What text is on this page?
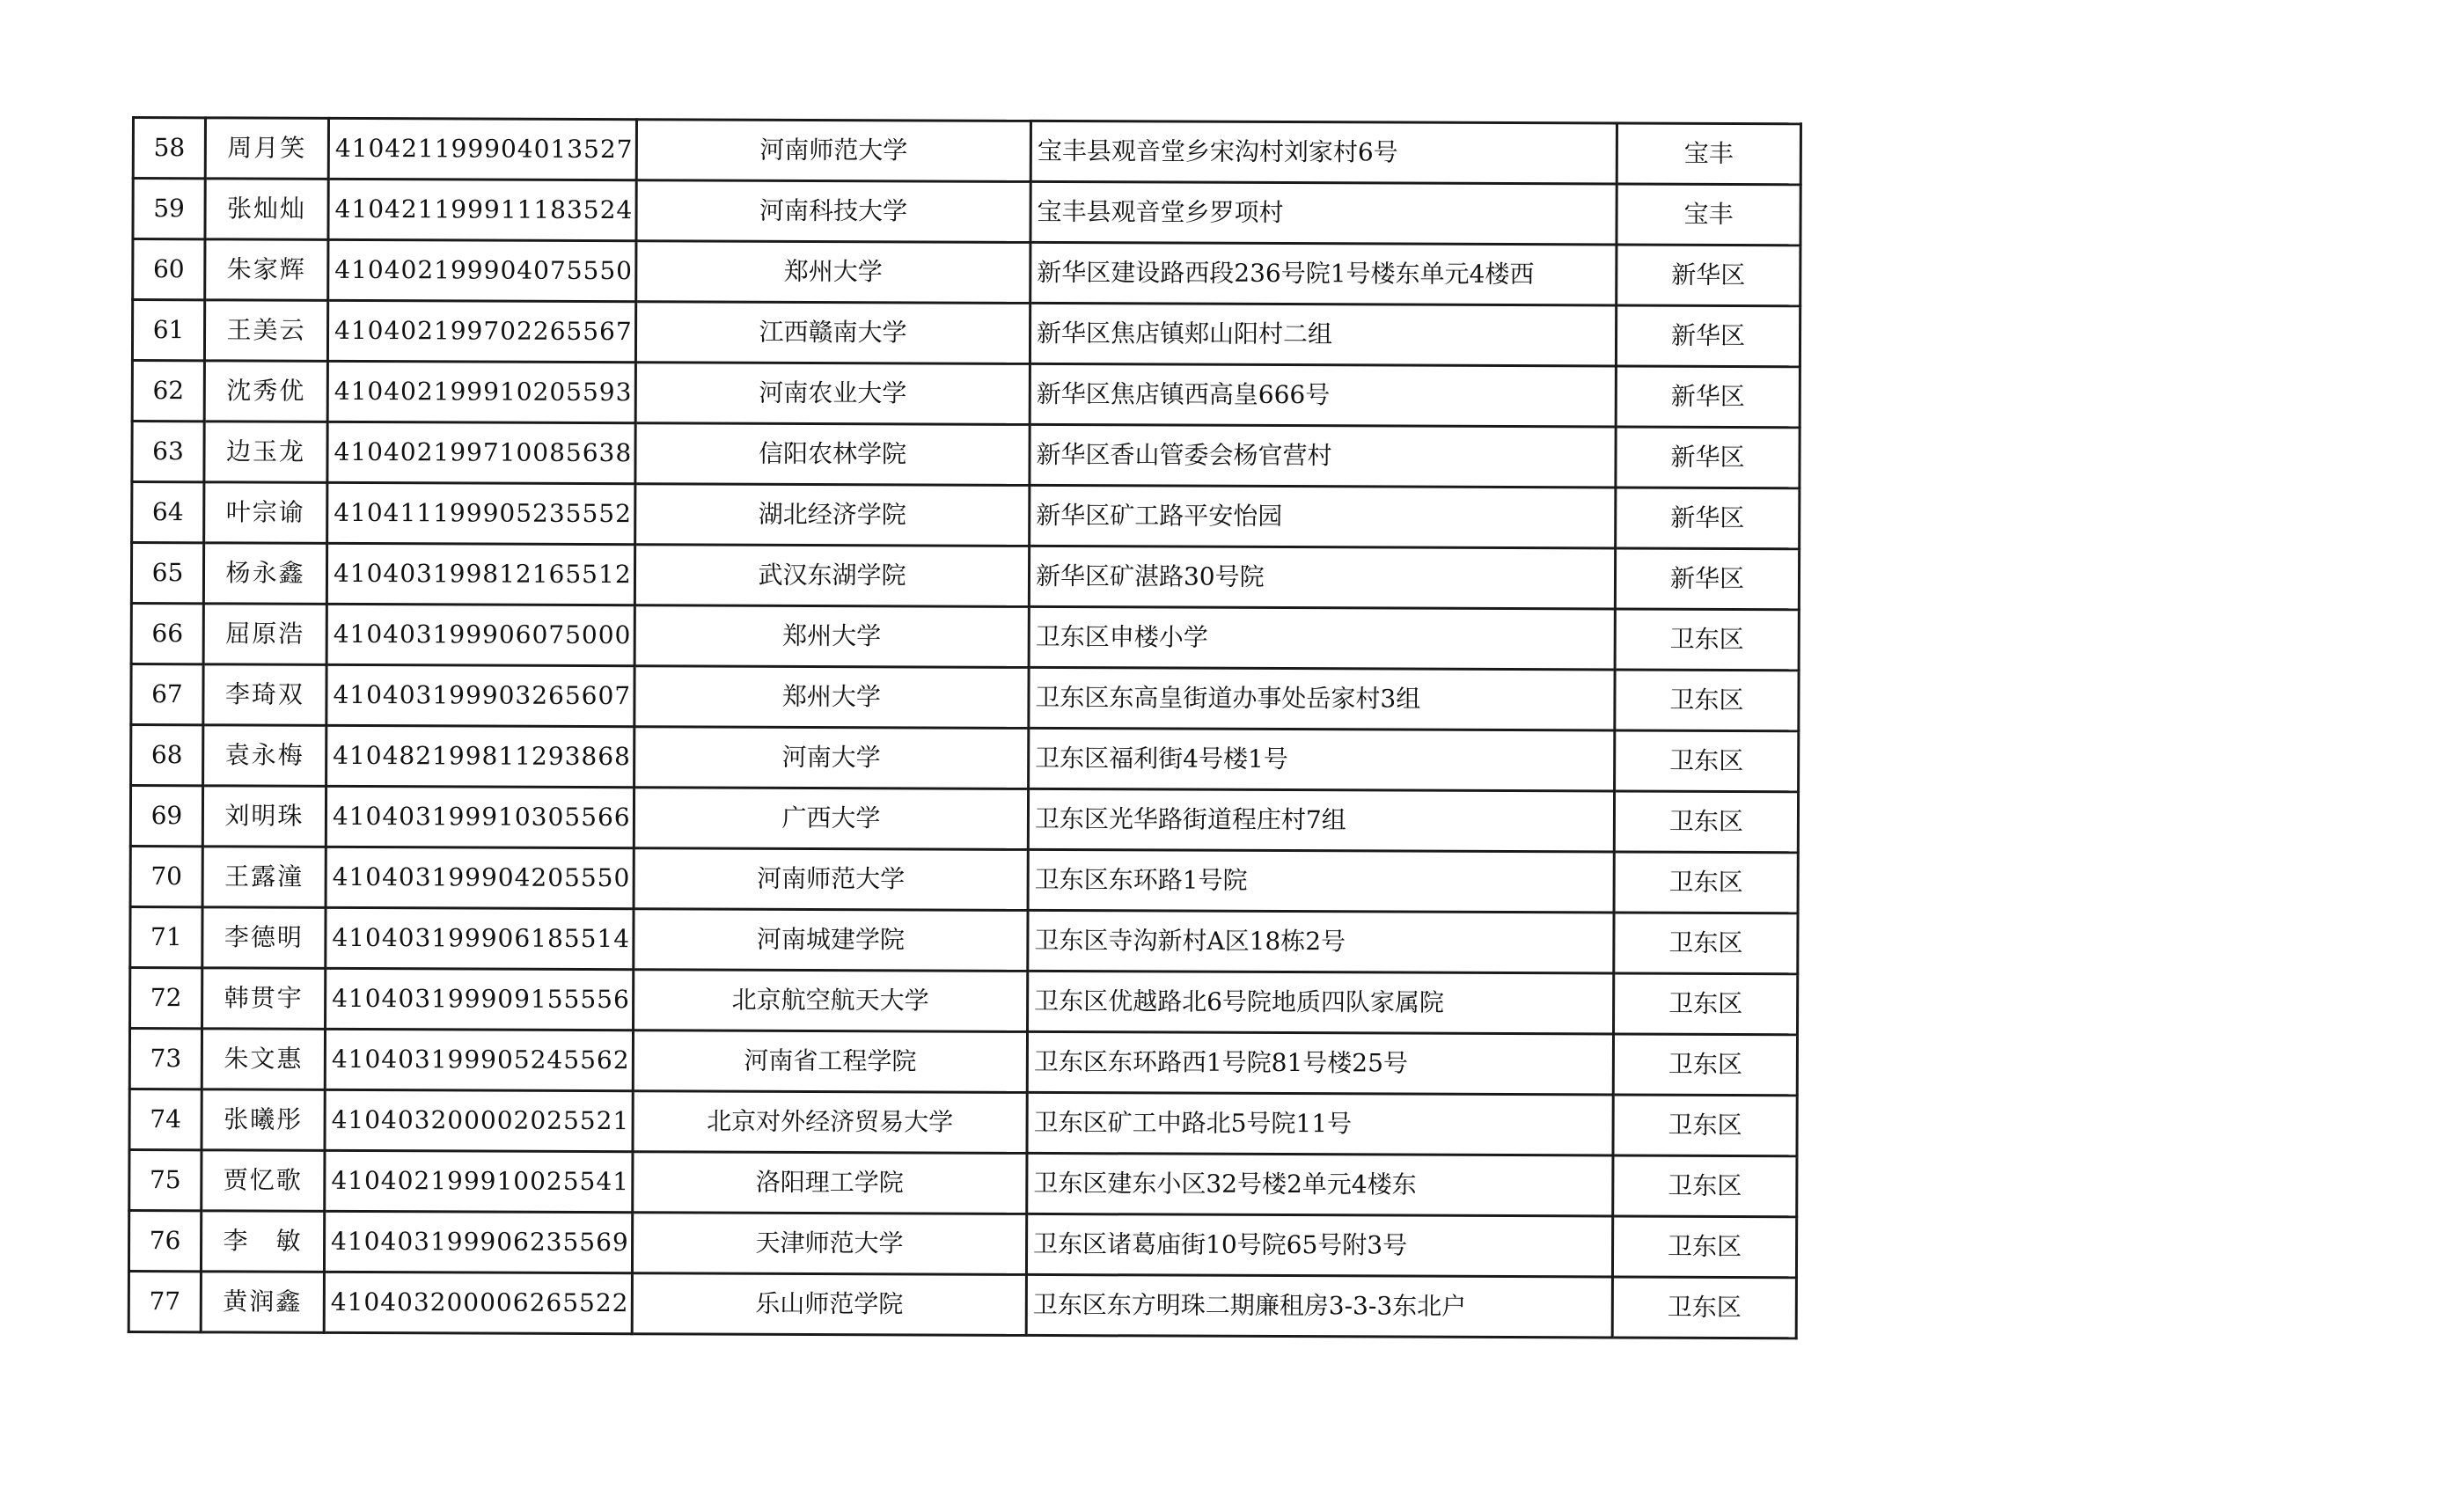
58	周月笑	410421199904013527	河南师范大学	宝丰县观音堂乡宋沟村刘家村6号	宝丰
59	张灿灿	410421199911183524	河南科技大学	宝丰县观音堂乡罗项村	宝丰
60	朱家辉	410402199904075550	郑州大学	新华区建设路西段236号院1号楼东单元4楼西	新华区
61	王美云	410402199702265567	江西赣南大学	新华区焦店镇郏山阳村二组	新华区
62	沈秀优	410402199910205593	河南农业大学	新华区焦店镇西高皇666号	新华区
63	边玉龙	410402199710085638	信阳农林学院	新华区香山管委会杨官营村	新华区
64	叶宗谕	410411199905235552	湖北经济学院	新华区矿工路平安怡园	新华区
65	杨永鑫	410403199812165512	武汉东湖学院	新华区矿湛路30号院	新华区
66	屈原浩	410403199906075000	郑州大学	卫东区申楼小学	卫东区
67	李琦双	410403199903265607	郑州大学	卫东区东高皇街道办事处岳家村3组	卫东区
68	袁永梅	410482199811293868	河南大学	卫东区福利街4号楼1号	卫东区
69	刘明珠	410403199910305566	广西大学	卫东区光华路街道程庄村7组	卫东区
70	王露潼	410403199904205550	河南师范大学	卫东区东环路1号院	卫东区
71	李德明	410403199906185514	河南城建学院	卫东区寺沟新村A区18栋2号	卫东区
72	韩贯宇	410403199909155556	北京航空航天大学	卫东区优越路北6号院地质四队家属院	卫东区
73	朱文惠	410403199905245562	河南省工程学院	卫东区东环路西1号院81号楼25号	卫东区
74	张曦彤	410403200002025521	北京对外经济贸易大学	卫东区矿工中路北5号院11号	卫东区
75	贾忆歌	410402199910025541	洛阳理工学院	卫东区建东小区32号楼2单元4楼东	卫东区
76	李　敏	410403199906235569	天津师范大学	卫东区诸葛庙街10号院65号附3号	卫东区
77	黄润鑫	410403200006265522	乐山师范学院	卫东区东方明珠二期廉租房3-3-3东北户	卫东区
